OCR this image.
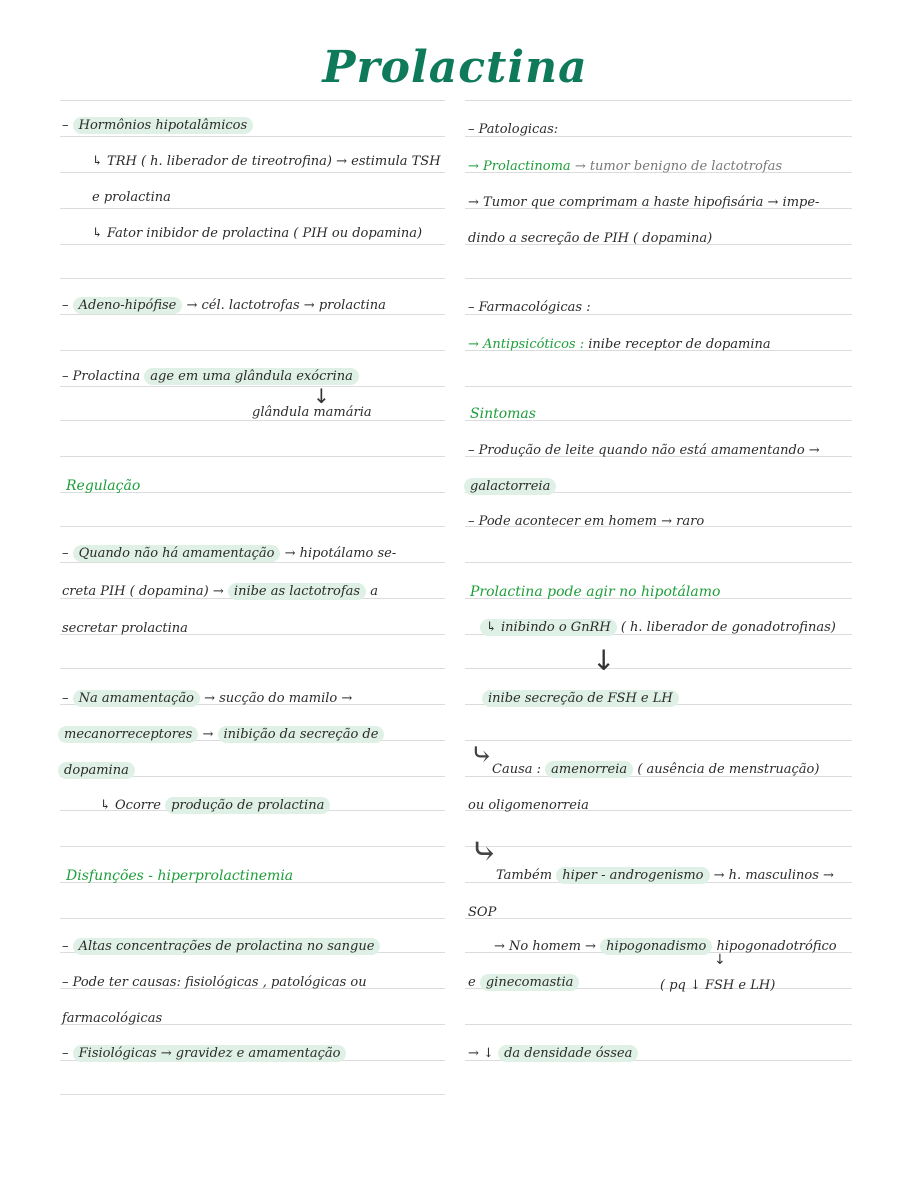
Prolactina
– Hormônios hipotalâmicos
↳ TRH ( h. liberador de tireotrofina) → estimula TSH
e prolactina
↳ Fator inibidor de prolactina ( PIH ou dopamina)
– Adeno-hipófise → cél. lactotrofas → prolactina
– Prolactina age em uma glândula exócrina
↓
glândula mamária
Regulação
– Quando não há amamentação → hipotálamo se-
creta PIH ( dopamina) → inibe as lactotrofas a
secretar prolactina
– Na amamentação → sucção do mamilo →
mecanorreceptores → inibição da secreção de
dopamina
↳ Ocorre produção de prolactina
Disfunções - hiperprolactinemia
– Altas concentrações de prolactina no sangue
– Pode ter causas: fisiológicas , patológicas ou
farmacológicas
– Fisiológicas → gravidez e amamentação
– Patologicas:
→ Prolactinoma → tumor benigno de lactotrofas
→ Tumor que comprimam a haste hipofisária → impe-
dindo a secreção de PIH ( dopamina)
– Farmacológicas :
→ Antipsicóticos : inibe receptor de dopamina
Sintomas
– Produção de leite quando não está amamentando →
galactorreia
– Pode acontecer em homem → raro
Prolactina pode agir no hipotálamo
↳ inibindo o GnRH ( h. liberador de gonadotrofinas)
↓
inibe secreção de FSH e LH
⤷
Causa : amenorreia ( ausência de menstruação)
ou oligomenorreia
⤷
Também hiper - androgenismo → h. masculinos →
SOP
→ No homem → hipogonadismo hipogonadotrófico
↓
e ginecomastia	( pq ↓ FSH e LH)
→ ↓ da densidade óssea
